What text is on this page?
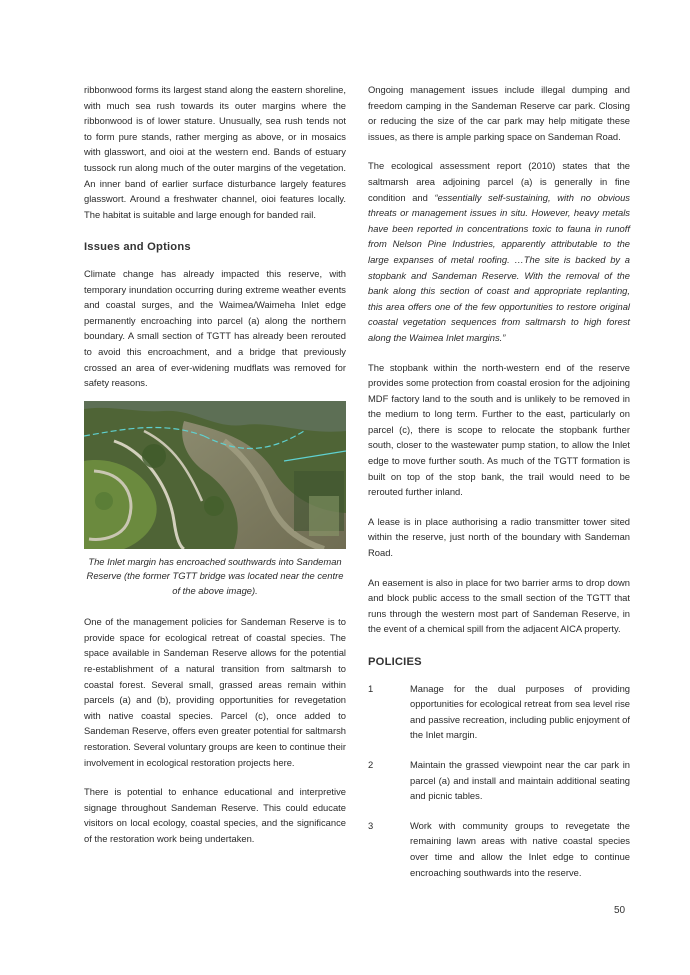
ribbonwood forms its largest stand along the eastern shoreline, with much sea rush towards its outer margins where the ribbonwood is of lower stature. Unusually, sea rush tends not to form pure stands, rather merging as above, or in mosaics with glasswort, and oioi at the western end. Bands of estuary tussock run along much of the outer margins of the vegetation. An inner band of earlier surface disturbance largely features glasswort. Around a freshwater channel, oioi features locally. The habitat is suitable and large enough for banded rail.

Issues and Options

Climate change has already impacted this reserve, with temporary inundation occurring during extreme weather events and coastal surges, and the Waimea/Waimeha Inlet edge permanently encroaching into parcel (a) along the northern boundary. A small section of TGTT has already been rerouted to avoid this encroachment, and a bridge that previously crossed an area of ever-widening mudflats was removed for safety reasons.

The Inlet margin has encroached southwards into Sandeman Reserve (the former TGTT bridge was located near the centre of the above image).

One of the management policies for Sandeman Reserve is to provide space for ecological retreat of coastal species. The space available in Sandeman Reserve allows for the potential re-establishment of a natural transition from saltmarsh to coastal forest. Several small, grassed areas remain within parcels (a) and (b), providing opportunities for revegetation with native coastal species. Parcel (c), once added to Sandeman Reserve, offers even greater potential for saltmarsh restoration. Several voluntary groups are keen to continue their involvement in ecological restoration projects here.

There is potential to enhance educational and interpretive signage throughout Sandeman Reserve. This could educate visitors on local ecology, coastal species, and the significance of the restoration work being undertaken.

Ongoing management issues include illegal dumping and freedom camping in the Sandeman Reserve car park. Closing or reducing the size of the car park may help mitigate these issues, as there is ample parking space on Sandeman Road.

The ecological assessment report (2010) states that the saltmarsh area adjoining parcel (a) is generally in fine condition and “essentially self-sustaining, with no obvious threats or management issues in situ. However, heavy metals have been reported in concentrations toxic to fauna in runoff from Nelson Pine Industries, apparently attributable to the large expanses of metal roofing. …The site is backed by a stopbank and Sandeman Reserve. With the removal of the bank along this section of coast and appropriate replanting, this area offers one of the few opportunities to restore original coastal vegetation sequences from saltmarsh to high forest along the Waimea Inlet margins.”

The stopbank within the north-western end of the reserve provides some protection from coastal erosion for the adjoining MDF factory land to the south and is unlikely to be removed in the medium to long term. Further to the east, particularly on parcel (c), there is scope to relocate the stopbank further south, closer to the wastewater pump station, to allow the Inlet edge to move further south. As much of the TGTT formation is built on top of the stop bank, the trail would need to be rerouted further inland.

A lease is in place authorising a radio transmitter tower sited within the reserve, just north of the boundary with Sandeman Road.

An easement is also in place for two barrier arms to drop down and block public access to the small section of the TGTT that runs through the western most part of Sandeman Reserve, in the event of a chemical spill from the adjacent AICA property.

POLICIES
1	Manage for the dual purposes of providing opportunities for ecological retreat from sea level rise and passive recreation, including public enjoyment of the Inlet margin.
2	Maintain the grassed viewpoint near the car park in parcel (a) and install and maintain additional seating and picnic tables.
3	Work with community groups to revegetate the remaining lawn areas with native coastal species over time and allow the Inlet edge to continue encroaching southwards into the reserve.
50
